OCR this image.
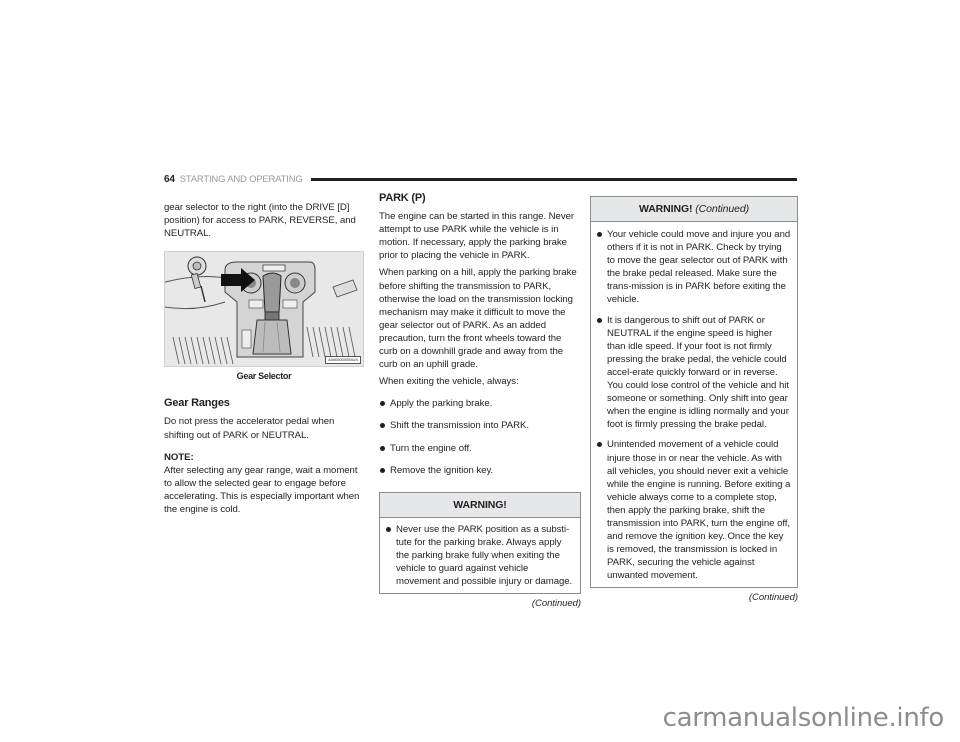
64 STARTING AND OPERATING

gear selector to the right (into the DRIVE [D] position) for access to PARK, REVERSE, and NEUTRAL.

A0606000058US
Gear Selector
Gear Ranges

Do not press the accelerator pedal when shifting out of PARK or NEUTRAL.

NOTE:

After selecting any gear range, wait a moment to allow the selected gear to engage before accelerating. This is especially important when the engine is cold.

PARK (P)

The engine can be started in this range. Never attempt to use PARK while the vehicle is in motion. If necessary, apply the parking brake prior to placing the vehicle in PARK.

When parking on a hill, apply the parking brake before shifting the transmission to PARK, otherwise the load on the transmission locking mechanism may make it difficult to move the gear selector out of PARK. As an added precaution, turn the front wheels toward the curb on a downhill grade and away from the curb on an uphill grade.

When exiting the vehicle, always:

Apply the parking brake.
Shift the transmission into PARK.
Turn the engine off.
Remove the ignition key.
WARNING!
Never use the PARK position as a substi-tute for the parking brake. Always apply the parking brake fully when exiting the vehicle to guard against vehicle movement and possible injury or damage.
(Continued)
WARNING! (Continued)
Your vehicle could move and injure you and others if it is not in PARK. Check by trying to move the gear selector out of PARK with the brake pedal released. Make sure the trans-mission is in PARK before exiting the vehicle.
It is dangerous to shift out of PARK or NEUTRAL if the engine speed is higher than idle speed. If your foot is not firmly pressing the brake pedal, the vehicle could accel-erate quickly forward or in reverse. You could lose control of the vehicle and hit someone or something. Only shift into gear when the engine is idling normally and your foot is firmly pressing the brake pedal.
Unintended movement of a vehicle could injure those in or near the vehicle. As with all vehicles, you should never exit a vehicle while the engine is running. Before exiting a vehicle always come to a complete stop, then apply the parking brake, shift the transmission into PARK, turn the engine off, and remove the ignition key. Once the key is removed, the transmission is locked in PARK, securing the vehicle against unwanted movement.
(Continued)
carmanualsonline.info
